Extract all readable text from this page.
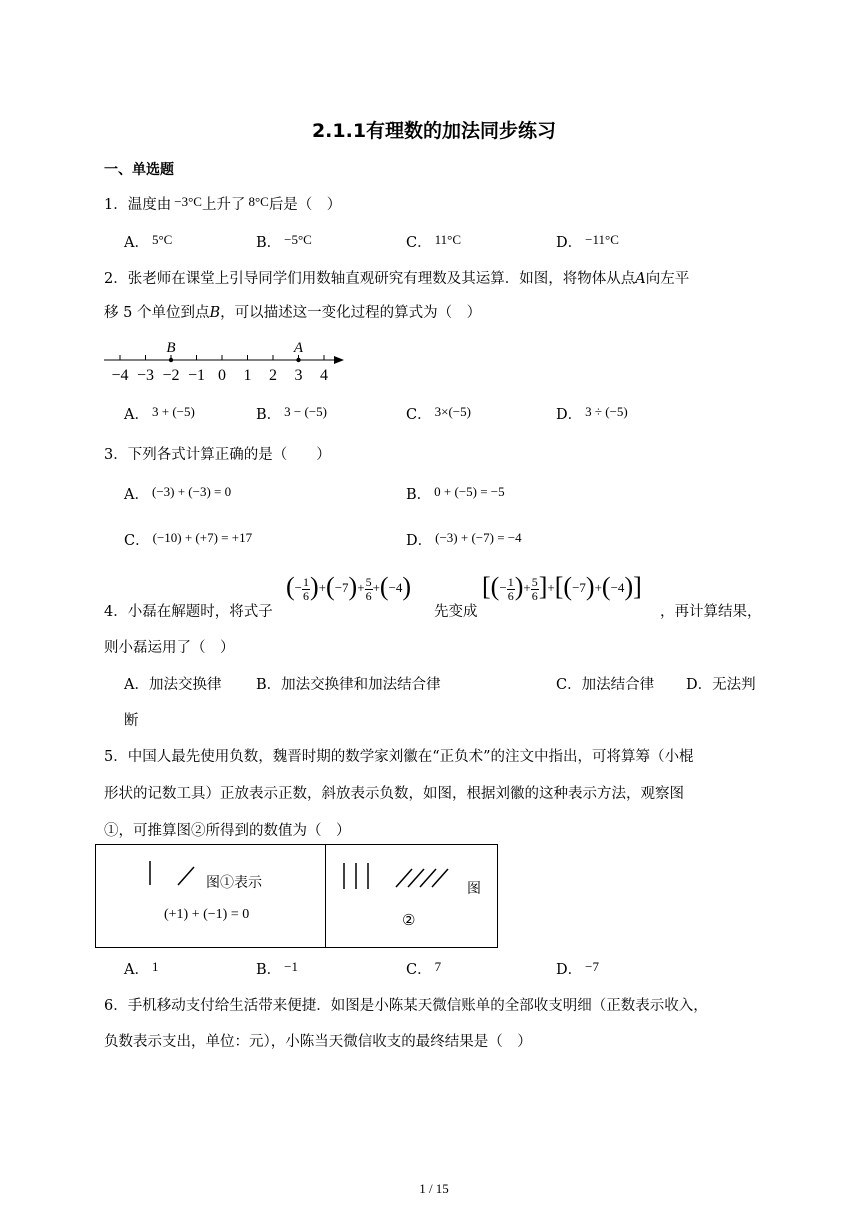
2.1.1有理数的加法同步练习
一、单选题
1．温度由 −3°C上升了 8°C后是（　）
A． 5°C	B． −5°C	C． 11°C	D． −11°C
2．张老师在课堂上引导同学们用数轴直观研究有理数及其运算．如图，将物体从点A向左平
移 5 个单位到点B，可以描述这一变化过程的算式为（　）
−4 −3 −2 −1 0 1 2 3 4
B	A
A． 3 + (−5)	B． 3 − (−5)	C． 3×(−5)	D． 3 ÷ (−5)
3．下列各式计算正确的是（　　）
A． (−3) + (−3) = 0	B． 0 + (−5) = −5
C． (−10) + (+7) = +17	D． (−3) + (−7) = −4
4．小磊在解题时，将式子
(− $\frac{1}{6} )+(-7)+ \frac{5}{6} +(-4)$
先变成
[(− $\frac{1}{6}$ )+ $\frac{5}{6} ]+[(-7)+(-4)]$
，再计算结果，
则小磊运用了（　）
A．加法交换律 B．加法交换律和加法结合律	C．加法结合律 D．无法判
断
5．中国人最先使用负数，魏晋时期的数学家刘徽在“正负术”的注文中指出，可将算筹（小棍
形状的记数工具）正放表示正数，斜放表示负数，如图，根据刘徽的这种表示方法，观察图
①，可推算图②所得到的数值为（　）
图①表示
(+1) + (−1) = 0
图
②
A． 1	B． −1	C． 7	D． −7
6．手机移动支付给生活带来便捷．如图是小陈某天微信账单的全部收支明细（正数表示收入，
负数表示支出，单位：元），小陈当天微信收支的最终结果是（　）
1 / 15
